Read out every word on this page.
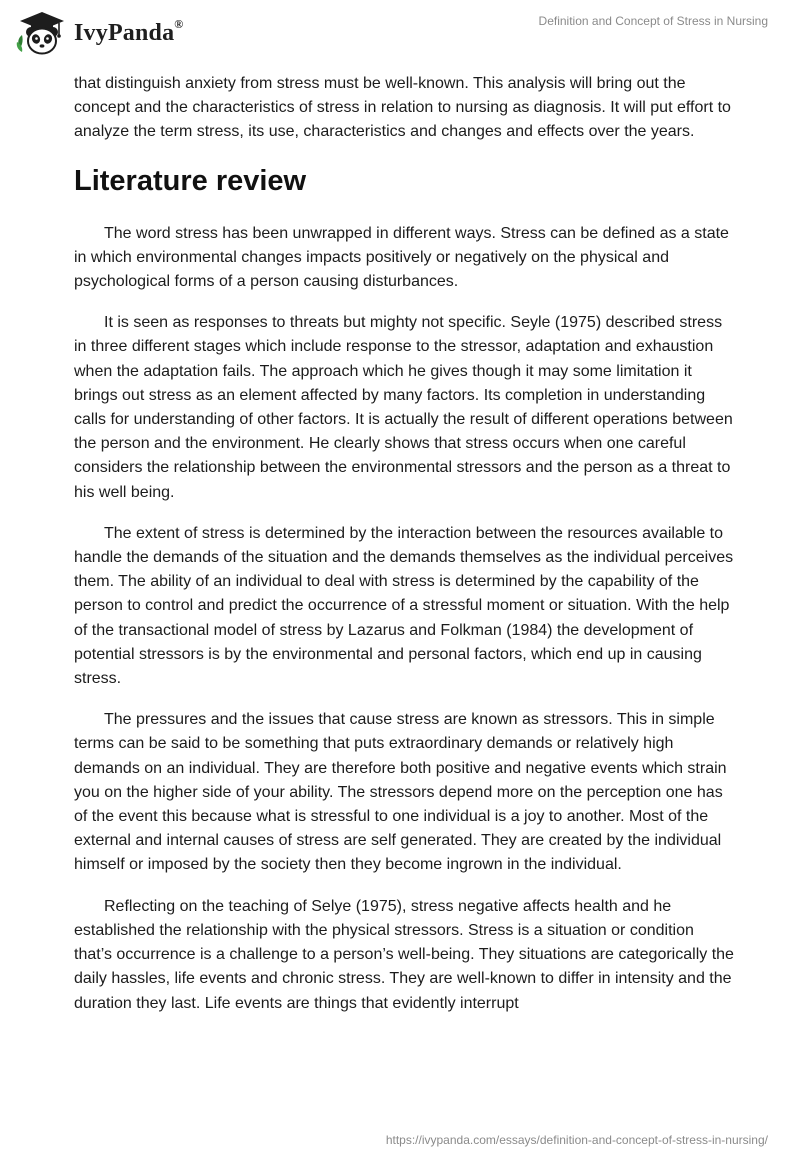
IvyPanda®	Definition and Concept of Stress in Nursing

that distinguish anxiety from stress must be well-known. This analysis will bring out the concept and the characteristics of stress in relation to nursing as diagnosis. It will put effort to analyze the term stress, its use, characteristics and changes and effects over the years.

Literature review

The word stress has been unwrapped in different ways. Stress can be defined as a state in which environmental changes impacts positively or negatively on the physical and psychological forms of a person causing disturbances.

It is seen as responses to threats but mighty not specific. Seyle (1975) described stress in three different stages which include response to the stressor, adaptation and exhaustion when the adaptation fails. The approach which he gives though it may some limitation it brings out stress as an element affected by many factors. Its completion in understanding calls for understanding of other factors. It is actually the result of different operations between the person and the environment. He clearly shows that stress occurs when one careful considers the relationship between the environmental stressors and the person as a threat to his well being.

The extent of stress is determined by the interaction between the resources available to handle the demands of the situation and the demands themselves as the individual perceives them. The ability of an individual to deal with stress is determined by the capability of the person to control and predict the occurrence of a stressful moment or situation. With the help of the transactional model of stress by Lazarus and Folkman (1984) the development of potential stressors is by the environmental and personal factors, which end up in causing stress.

The pressures and the issues that cause stress are known as stressors. This in simple terms can be said to be something that puts extraordinary demands or relatively high demands on an individual. They are therefore both positive and negative events which strain you on the higher side of your ability. The stressors depend more on the perception one has of the event this because what is stressful to one individual is a joy to another. Most of the external and internal causes of stress are self generated. They are created by the individual himself or imposed by the society then they become ingrown in the individual.

Reflecting on the teaching of Selye (1975), stress negative affects health and he established the relationship with the physical stressors. Stress is a situation or condition that’s occurrence is a challenge to a person’s well-being. They situations are categorically the daily hassles, life events and chronic stress. They are well-known to differ in intensity and the duration they last. Life events are things that evidently interrupt

https://ivypanda.com/essays/definition-and-concept-of-stress-in-nursing/
